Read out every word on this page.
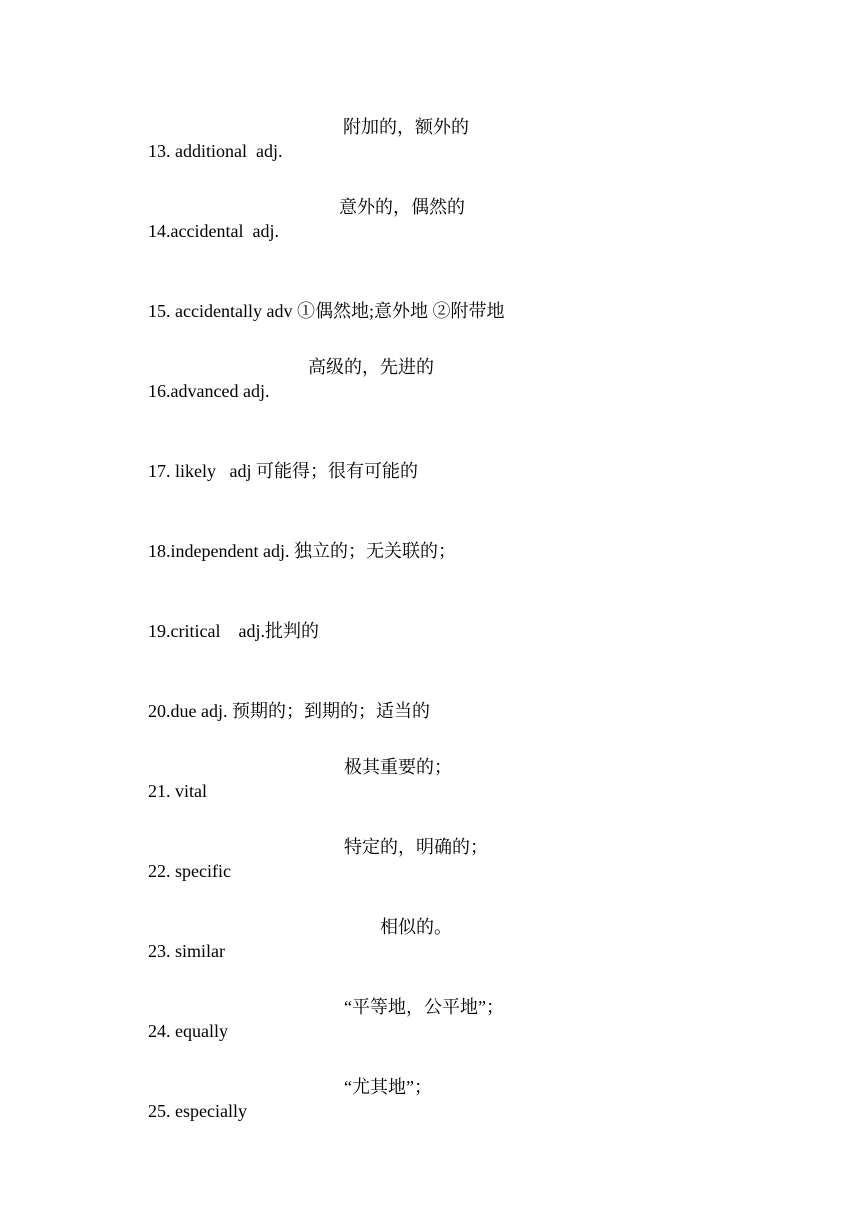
13. additional  adj.
附加的，额外的

14.accidental  adj.
意外的，偶然的

15. accidentally adv ①偶然地;意外地 ②附带地

16.advanced adj.
高级的，先进的

17. likely   adj 可能得；很有可能的

18.independent adj. 独立的；无关联的；

19.critical    adj.批判的

20.due adj. 预期的；到期的；适当的

21. vital
极其重要的；

22. specific
特定的，明确的；

23. similar
相似的。

24. equally
“平等地，公平地”；

25. especially
“尤其地”；
